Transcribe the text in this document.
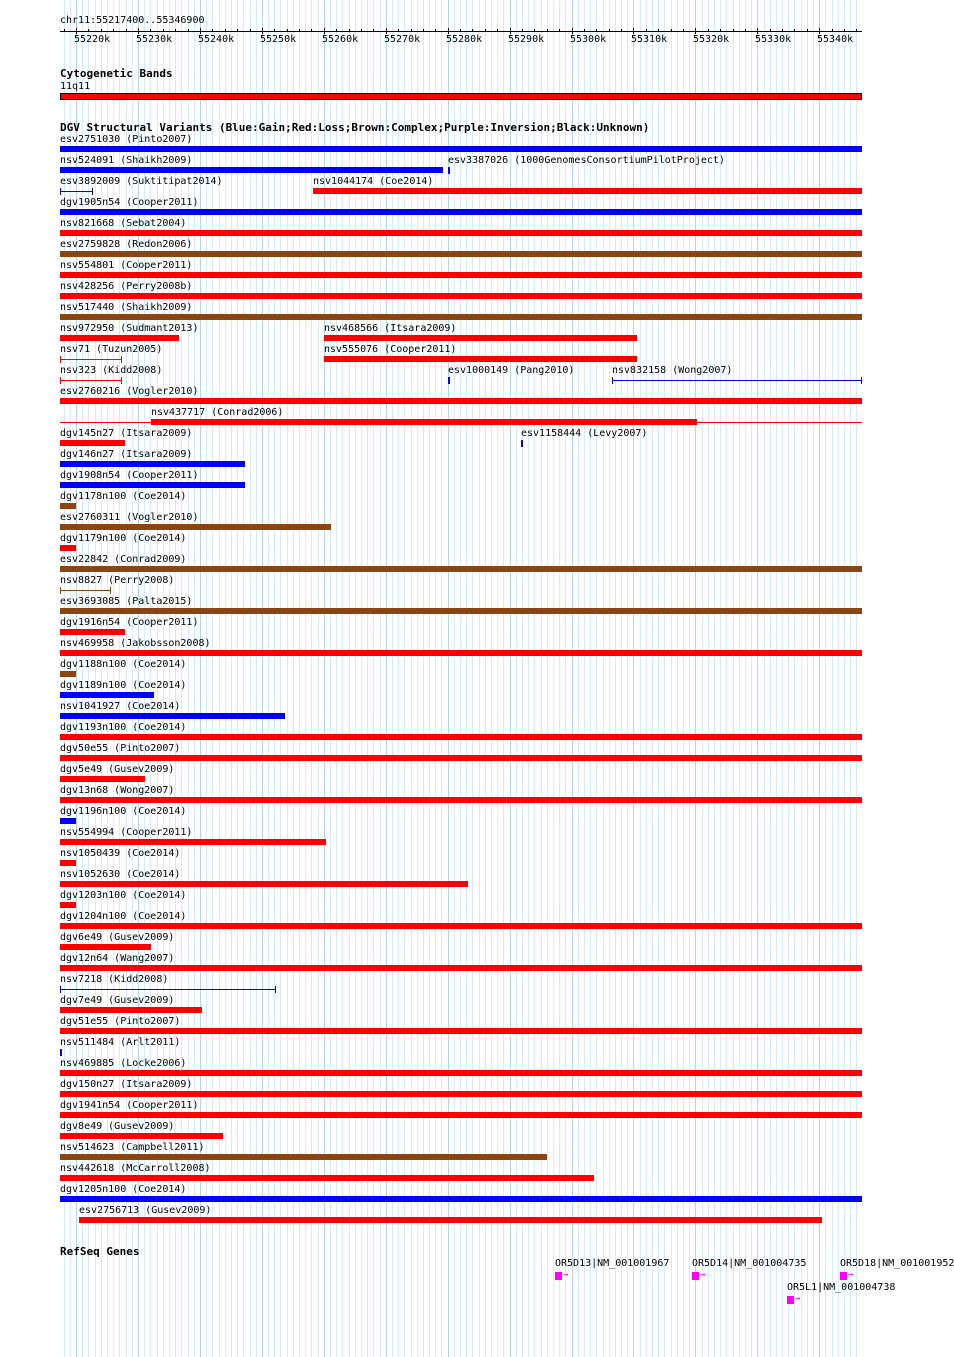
chr11:55217400..55346900
55220k	55230k	55240k	55250k	55260k	55270k	55280k	55290k	55300k 55310k	55320k	55330k	55340k
Cytogenetic Bands
11q11
DGV Structural Variants (Blue:Gain;Red:Loss;Brown:Complex;Purple:Inversion;Black:Unknown)
esv2751030 (Pinto2007)
nsv524091 (Shaikh2009)	esv3387026 (1000GenomesConsortiumPilotProject)
esv3892009 (Suktitipat2014)	nsv1044174 (Coe2014)
dgv1905n54 (Cooper2011)
nsv821668 (Sebat2004)
esv2759828 (Redon2006)
nsv554801 (Cooper2011)
nsv428256 (Perry2008b)
nsv517440 (Shaikh2009)
nsv972950 (Sudmant2013)	nsv468566 (Itsara2009)
nsv71 (Tuzun2005)	nsv555076 (Cooper2011)
nsv323 (Kidd2008)	esv1000149 (Pang2010)	nsv832158 (Wong2007)
esv2760216 (Vogler2010)
nsv437717 (Conrad2006)
dgv145n27 (Itsara2009)	esv1158444 (Levy2007)
dgv146n27 (Itsara2009)
dgv1908n54 (Cooper2011)
dgv1178n100 (Coe2014)
esv2760311 (Vogler2010)
dgv1179n100 (Coe2014)
esv22842 (Conrad2009)
nsv8827 (Perry2008)
esv3693085 (Palta2015)
dgv1916n54 (Cooper2011)
nsv469958 (Jakobsson2008)
dgv1188n100 (Coe2014)
dgv1189n100 (Coe2014)
nsv1041927 (Coe2014)
dgv1193n100 (Coe2014)
dgv50e55 (Pinto2007)
dgv5e49 (Gusev2009)
dgv13n68 (Wong2007)
dgv1196n100 (Coe2014)
nsv554994 (Cooper2011)
nsv1050439 (Coe2014)
nsv1052630 (Coe2014)
dgv1203n100 (Coe2014)
dgv1204n100 (Coe2014)
dgv6e49 (Gusev2009)
dgv12n64 (Wang2007)
nsv7218 (Kidd2008)
dgv7e49 (Gusev2009)
dgv51e55 (Pinto2007)
nsv511484 (Arlt2011)
nsv469885 (Locke2006)
dgv150n27 (Itsara2009)
dgv1941n54 (Cooper2011)
dgv8e49 (Gusev2009)
nsv514623 (Campbell2011)
nsv442618 (McCarroll2008)
dgv1205n100 (Coe2014)
esv2756713 (Gusev2009)
RefSeq Genes
OR5D13|NM_001001967
→
OR5D14|NM_001004735
→
OR5D18|NM_001001952
→
OR5L1|NM_001004738
→
